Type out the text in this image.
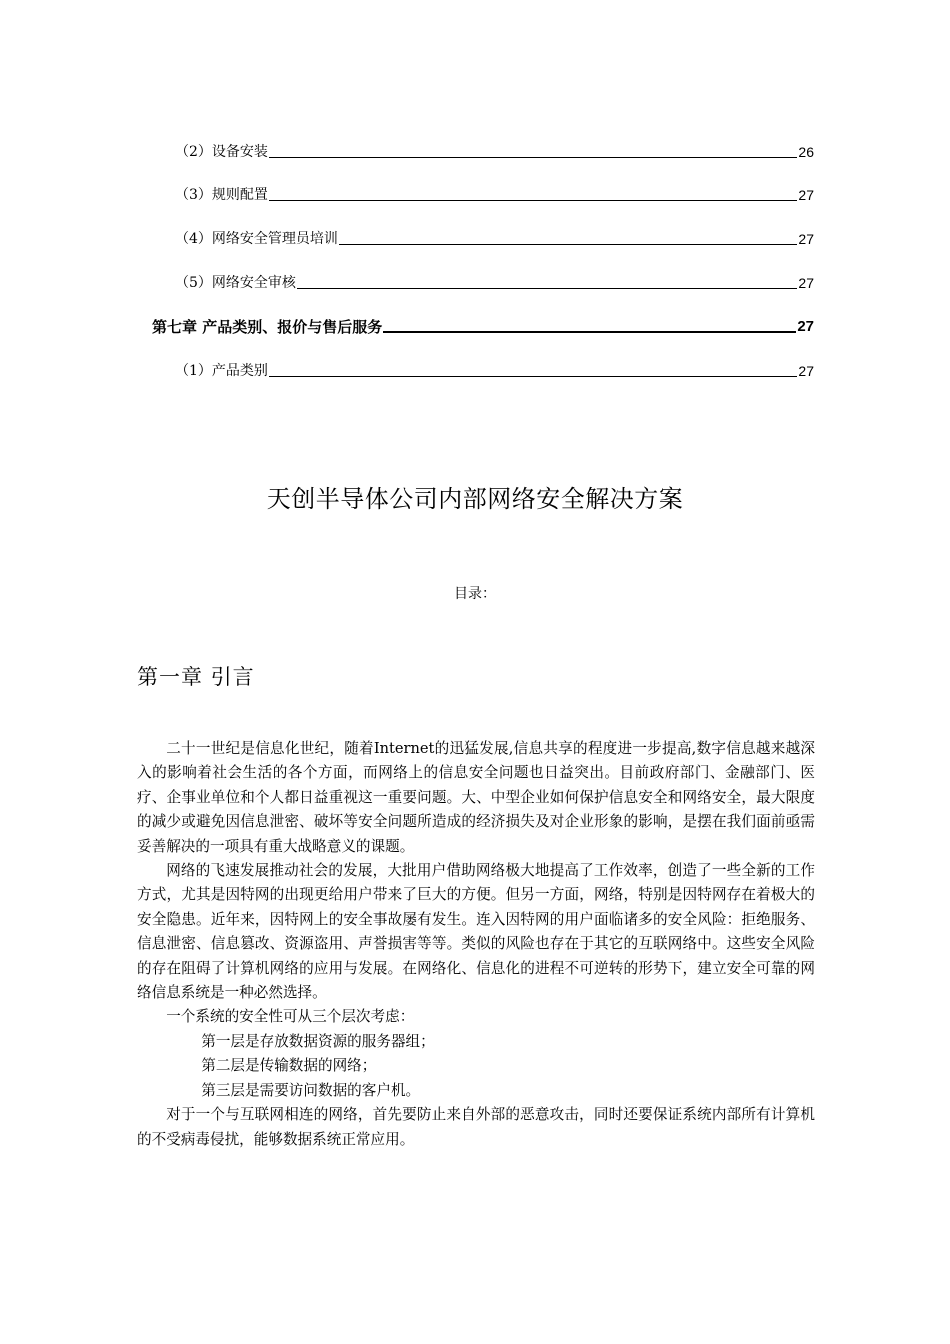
（2）设备安装	26
（3）规则配置	27
（4）网络安全管理员培训	27
（5）网络安全审核	27
第七章 产品类别、报价与售后服务	27
（1）产品类别	27
天创半导体公司内部网络安全解决方案
目录：
第一章 引言

二十一世纪是信息化世纪，随着Internet的迅猛发展,信息共享的程度进一步提高,数字信息越来越深入的影响着社会生活的各个方面，而网络上的信息安全问题也日益突出。目前政府部门、金融部门、医疗、企事业单位和个人都日益重视这一重要问题。大、中型企业如何保护信息安全和网络安全，最大限度的减少或避免因信息泄密、破坏等安全问题所造成的经济损失及对企业形象的影响，是摆在我们面前亟需妥善解决的一项具有重大战略意义的课题。

网络的飞速发展推动社会的发展，大批用户借助网络极大地提高了工作效率，创造了一些全新的工作方式，尤其是因特网的出现更给用户带来了巨大的方便。但另一方面，网络，特别是因特网存在着极大的安全隐患。近年来，因特网上的安全事故屡有发生。连入因特网的用户面临诸多的安全风险：拒绝服务、信息泄密、信息篡改、资源盗用、声誉损害等等。类似的风险也存在于其它的互联网络中。这些安全风险的存在阻碍了计算机网络的应用与发展。在网络化、信息化的进程不可逆转的形势下，建立安全可靠的网络信息系统是一种必然选择。

一个系统的安全性可从三个层次考虑：

第一层是存放数据资源的服务器组；

第二层是传输数据的网络；

第三层是需要访问数据的客户机。

对于一个与互联网相连的网络，首先要防止来自外部的恶意攻击，同时还要保证系统内部所有计算机的不受病毒侵扰，能够数据系统正常应用。
